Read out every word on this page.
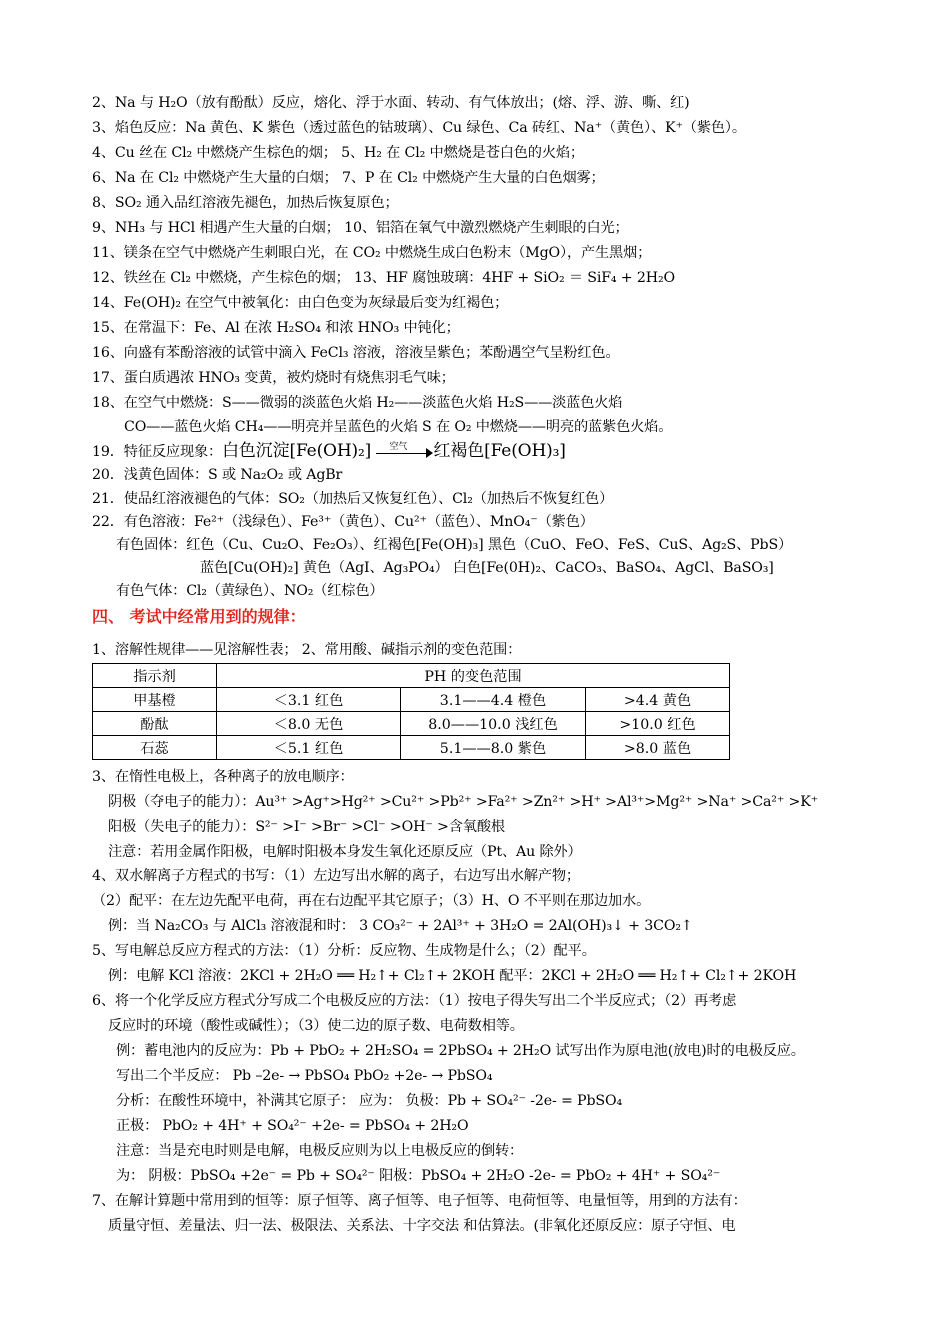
2、Na 与 H₂O（放有酚酞）反应，熔化、浮于水面、转动、有气体放出；(熔、浮、游、嘶、红)
3、焰色反应：Na 黄色、K 紫色（透过蓝色的钴玻璃）、Cu 绿色、Ca 砖红、Na⁺（黄色）、K⁺（紫色）。
4、Cu 丝在 Cl₂ 中燃烧产生棕色的烟； 5、H₂ 在 Cl₂ 中燃烧是苍白色的火焰；
6、Na 在 Cl₂ 中燃烧产生大量的白烟； 7、P 在 Cl₂ 中燃烧产生大量的白色烟雾；
8、SO₂ 通入品红溶液先褪色，加热后恢复原色；
9、NH₃ 与 HCl 相遇产生大量的白烟； 10、铝箔在氧气中激烈燃烧产生刺眼的白光；
11、镁条在空气中燃烧产生刺眼白光，在 CO₂ 中燃烧生成白色粉末（MgO），产生黑烟；
12、铁丝在 Cl₂ 中燃烧，产生棕色的烟； 13、HF 腐蚀玻璃：4HF + SiO₂ ＝ SiF₄ + 2H₂O
14、Fe(OH)₂ 在空气中被氧化：由白色变为灰绿最后变为红褐色；
15、在常温下：Fe、Al 在浓 H₂SO₄ 和浓 HNO₃ 中钝化；
16、向盛有苯酚溶液的试管中滴入 FeCl₃ 溶液，溶液呈紫色；苯酚遇空气呈粉红色。
17、蛋白质遇浓 HNO₃ 变黄，被灼烧时有烧焦羽毛气味；
18、在空气中燃烧：S——微弱的淡蓝色火焰 H₂——淡蓝色火焰 H₂S——淡蓝色火焰
CO——蓝色火焰 CH₄——明亮并呈蓝色的火焰 S 在 O₂ 中燃烧——明亮的蓝紫色火焰。
19．特征反应现象：白色沉淀[Fe(OH)₂] 空气 红褐色[Fe(OH)₃]
20．浅黄色固体：S 或 Na₂O₂ 或 AgBr
21．使品红溶液褪色的气体：SO₂（加热后又恢复红色）、Cl₂（加热后不恢复红色）
22．有色溶液：Fe²⁺（浅绿色）、Fe³⁺（黄色）、Cu²⁺（蓝色）、MnO₄⁻（紫色）
有色固体：红色（Cu、Cu₂O、Fe₂O₃）、红褐色[Fe(OH)₃] 黑色（CuO、FeO、FeS、CuS、Ag₂S、PbS）
蓝色[Cu(OH)₂] 黄色（AgI、Ag₃PO₄） 白色[Fe(0H)₂、CaCO₃、BaSO₄、AgCl、BaSO₃]
有色气体：Cl₂（黄绿色）、NO₂（红棕色）
四、 考试中经常用到的规律：
1、溶解性规律——见溶解性表； 2、常用酸、碱指示剂的变色范围：
指示剂	PH 的变色范围		
甲基橙	＜3.1 红色	3.1——4.4 橙色	>4.4 黄色
酚酞	＜8.0 无色	8.0——10.0 浅红色	>10.0 红色
石蕊	＜5.1 红色	5.1——8.0 紫色	>8.0 蓝色
3、在惰性电极上，各种离子的放电顺序：
阴极（夺电子的能力）：Au³⁺ >Ag⁺>Hg²⁺ >Cu²⁺ >Pb²⁺ >Fa²⁺ >Zn²⁺ >H⁺ >Al³⁺>Mg²⁺ >Na⁺ >Ca²⁺ >K⁺
阳极（失电子的能力）：S²⁻ >I⁻ >Br⁻ >Cl⁻ >OH⁻ >含氧酸根
注意：若用金属作阳极，电解时阳极本身发生氧化还原反应（Pt、Au 除外）
4、双水解离子方程式的书写：（1）左边写出水解的离子，右边写出水解产物；
（2）配平：在左边先配平电荷，再在右边配平其它原子；（3）H、O 不平则在那边加水。
例：当 Na₂CO₃ 与 AlCl₃ 溶液混和时： 3 CO₃²⁻ + 2Al³⁺ + 3H₂O = 2Al(OH)₃↓ + 3CO₂↑
5、写电解总反应方程式的方法：（1）分析：反应物、生成物是什么；（2）配平。
例：电解 KCl 溶液：2KCl + 2H₂O ══ H₂↑+ Cl₂↑+ 2KOH 配平：2KCl + 2H₂O ══ H₂↑+ Cl₂↑+ 2KOH
6、将一个化学反应方程式分写成二个电极反应的方法：（1）按电子得失写出二个半反应式；（2）再考虑
反应时的环境（酸性或碱性）；（3）使二边的原子数、电荷数相等。
例：蓄电池内的反应为：Pb + PbO₂ + 2H₂SO₄ = 2PbSO₄ + 2H₂O 试写出作为原电池(放电)时的电极反应。
写出二个半反应： Pb –2e- → PbSO₄ PbO₂ +2e- → PbSO₄
分析：在酸性环境中，补满其它原子： 应为： 负极：Pb + SO₄²⁻ -2e- = PbSO₄
正极： PbO₂ + 4H⁺ + SO₄²⁻ +2e- = PbSO₄ + 2H₂O
注意：当是充电时则是电解，电极反应则为以上电极反应的倒转：
为： 阴极：PbSO₄ +2e⁻ = Pb + SO₄²⁻ 阳极：PbSO₄ + 2H₂O -2e- = PbO₂ + 4H⁺ + SO₄²⁻
7、在解计算题中常用到的恒等：原子恒等、离子恒等、电子恒等、电荷恒等、电量恒等，用到的方法有：
质量守恒、差量法、归一法、极限法、关系法、十字交法 和估算法。(非氧化还原反应：原子守恒、电
